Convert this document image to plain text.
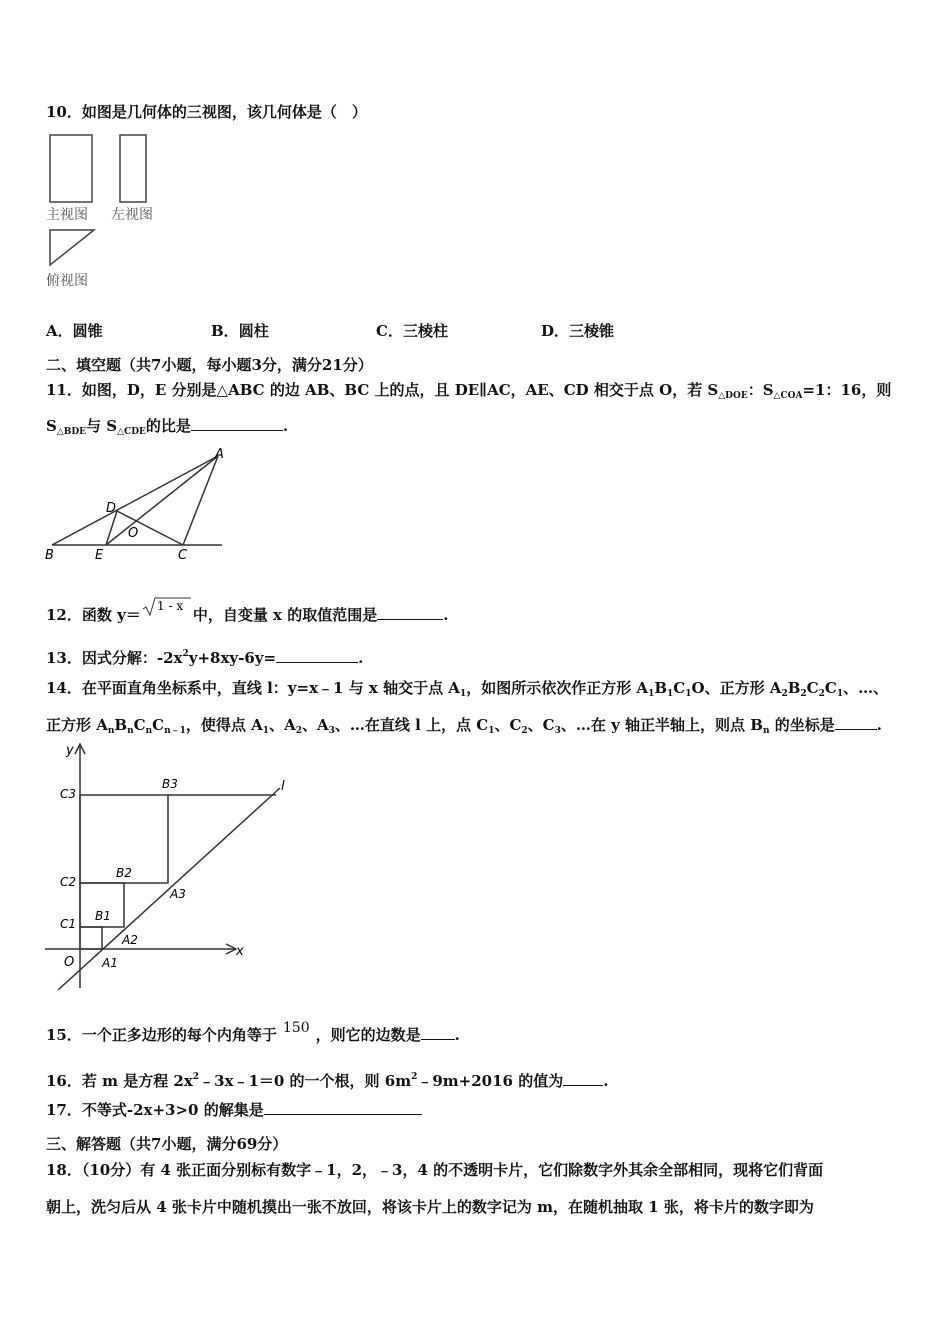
10．如图是几何体的三视图，该几何体是（　）
主视图 左视图
俯视图
A．圆锥	B．圆柱	C．三棱柱	D．三棱锥
二、填空题（共7小题，每小题3分，满分21分）
11．如图，D，E 分别是△ABC 的边 AB、BC 上的点，且 DE∥AC，AE、CD 相交于点 O，若 $S_{\triangle DOE}$：$S_{\triangle COA}=1$：16，则
$S_{\triangle BDE}$与 $S_{\triangle CDE}$的比是	.
A
B	C
D
E
O
12．函数 y＝ 1 - x 中，自变量 x 的取值范围是	.
13．因式分解：$-2x^2y+8xy-6y=$	.
14．在平面直角坐标系中，直线 l：y=x﹣1 与 x 轴交于点 $A_1$，如图所示依次作正方形 $A_1B_1C_1O$、正方形 $A_2B_2C_2C_1$、…、
正方形 $A_nB_nC_nC_{n﹣1}$，使得点 $A_1$、$A_2$、$A_3$、…在直线 l 上，点 $C_1$、$C_2$、$C_3$、…在 y 轴正半轴上，则点 $B_n$ 的坐标是	.
y
x
O
l
C3
C2
C1
B3
B2
B1
A3
A2
A1
15．一个正多边形的每个内角等于 150 ，则它的边数是 .
16．若 m 是方程 $2x^2﹣3x﹣1=0$ 的一个根，则 $6m^2﹣9m+2016$ 的值为	.
17．不等式-2x+3>0 的解集是
三、解答题（共7小题，满分69分）
18．（10分）有 4 张正面分别标有数字﹣1，2，﹣3，4 的不透明卡片，它们除数字外其余全部相同，现将它们背面
朝上，洗匀后从 4 张卡片中随机摸出一张不放回，将该卡片上的数字记为 m，在随机抽取 1 张，将卡片的数字即为
